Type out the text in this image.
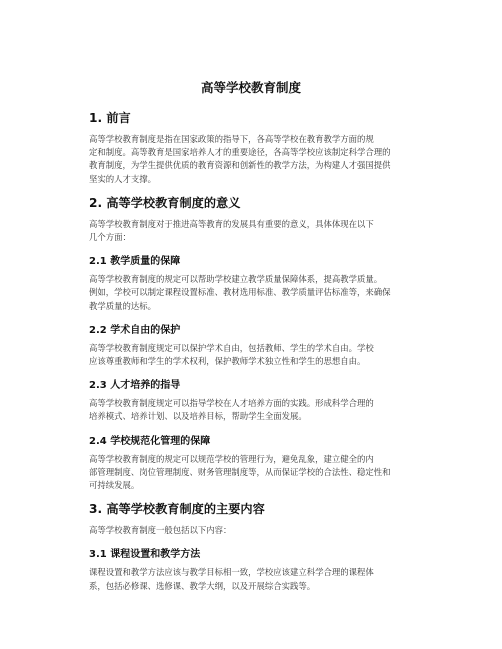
高等学校教育制度
1. 前言
高等学校教育制度是指在国家政策的指导下，各高等学校在教育教学方面的规
定和制度。高等教育是国家培养人才的重要途径，各高等学校应该制定科学合理的
教育制度，为学生提供优质的教育资源和创新性的教学方法，为构建人才强国提供
坚实的人才支撑。
2. 高等学校教育制度的意义
高等学校教育制度对于推进高等教育的发展具有重要的意义，具体体现在以下
几个方面：
2.1 教学质量的保障
高等学校教育制度的规定可以帮助学校建立教学质量保障体系，提高教学质量。
例如，学校可以制定课程设置标准、教材选用标准、教学质量评估标准等，来确保
教学质量的达标。
2.2 学术自由的保护
高等学校教育制度规定可以保护学术自由，包括教师、学生的学术自由。学校
应该尊重教师和学生的学术权利，保护教师学术独立性和学生的思想自由。
2.3 人才培养的指导
高等学校教育制度规定可以指导学校在人才培养方面的实践。形成科学合理的
培养模式、培养计划、以及培养目标，帮助学生全面发展。
2.4 学校规范化管理的保障
高等学校教育制度的规定可以规范学校的管理行为，避免乱象，建立健全的内
部管理制度、岗位管理制度、财务管理制度等，从而保证学校的合法性、稳定性和
可持续发展。
3. 高等学校教育制度的主要内容
高等学校教育制度一般包括以下内容：
3.1 课程设置和教学方法
课程设置和教学方法应该与教学目标相一致，学校应该建立科学合理的课程体
系，包括必修课、选修课、教学大纲，以及开展综合实践等。
